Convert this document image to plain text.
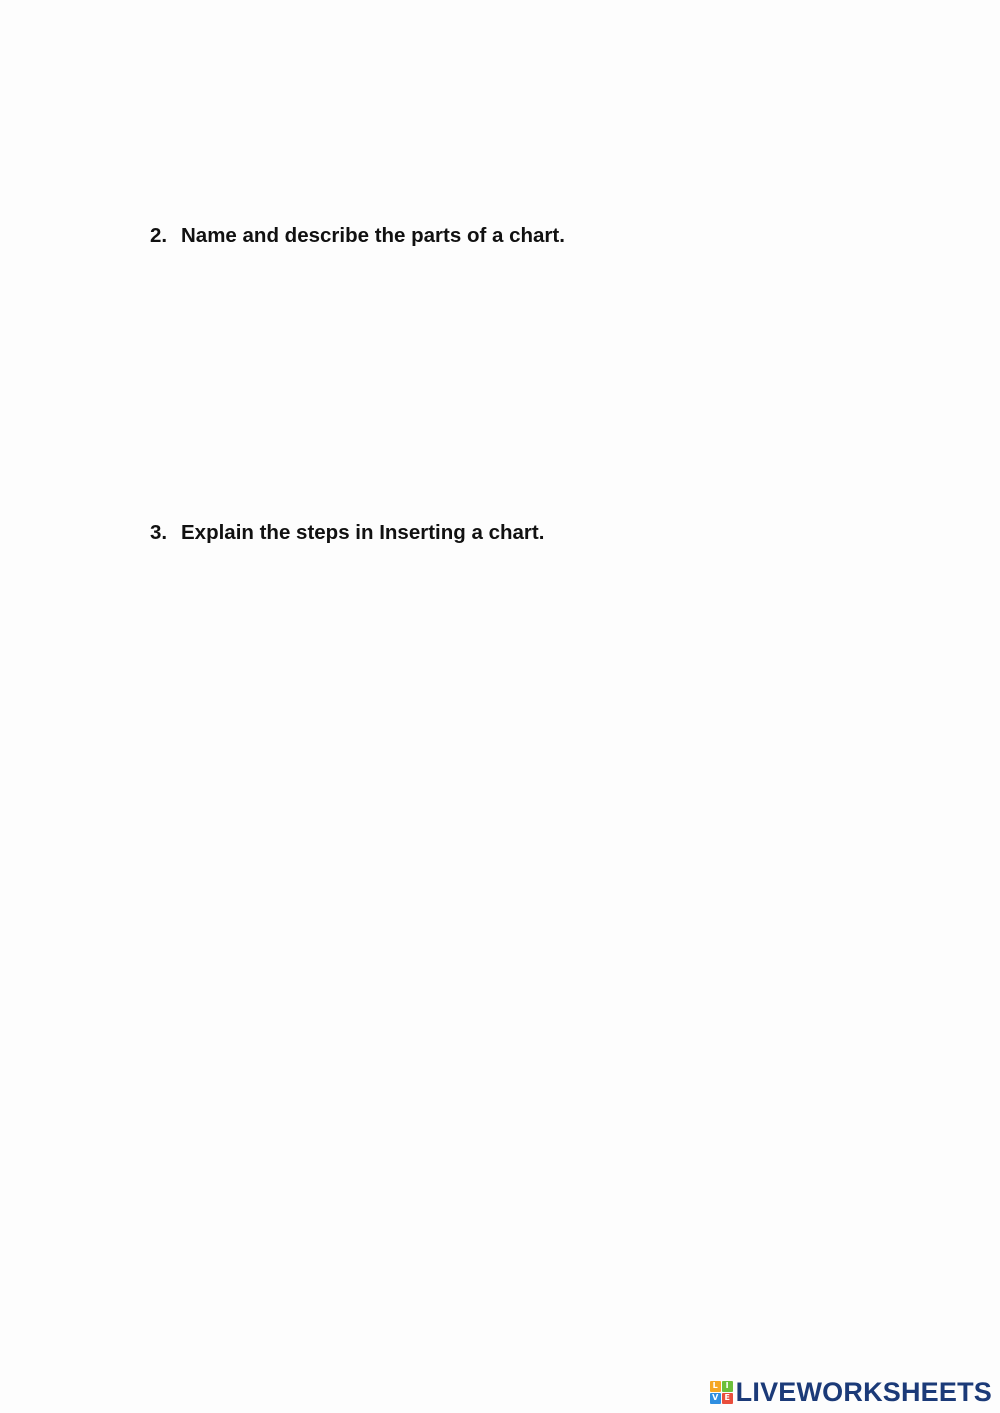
2. Name and describe the parts of a chart.
3. Explain the steps in Inserting a chart.
L I
V E LIVEWORKSHEETS
